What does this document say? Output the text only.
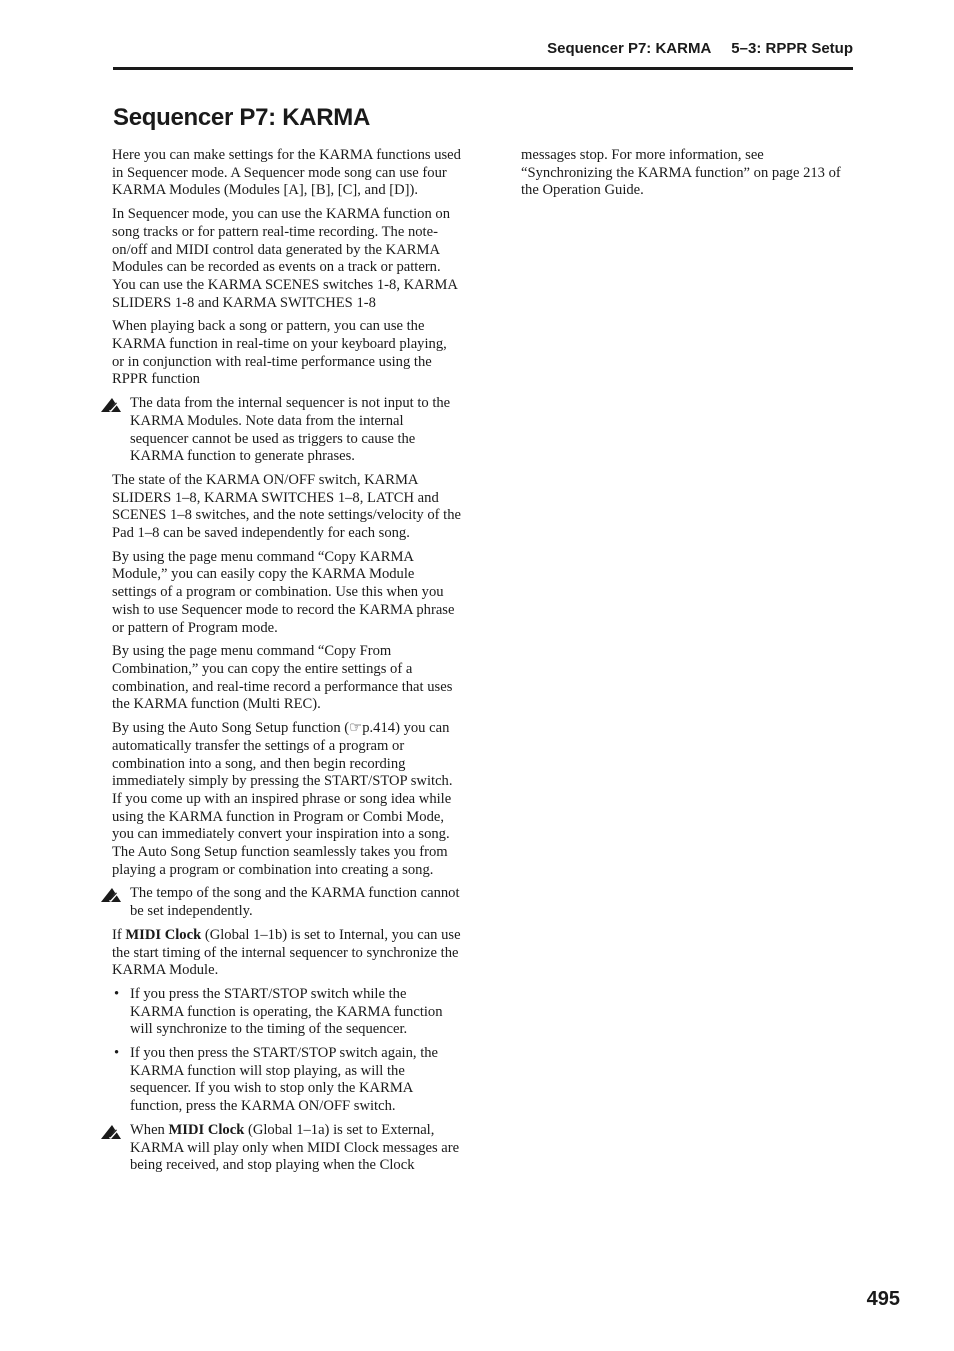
Sequencer P7: KARMA 5–3: RPPR Setup
Sequencer P7: KARMA

Here you can make settings for the KARMA functions used in Sequencer mode. A Sequencer mode song can use four KARMA Modules (Modules [A], [B], [C], and [D]).

In Sequencer mode, you can use the KARMA function on song tracks or for pattern real-time recording. The note-on/off and MIDI control data generated by the KARMA Modules can be recorded as events on a track or pattern. You can use the KARMA SCENES switches 1-8, KARMA SLIDERS 1-8 and KARMA SWITCHES 1-8

When playing back a song or pattern, you can use the KARMA function in real-time on your keyboard playing, or in conjunction with real-time performance using the RPPR function

The data from the internal sequencer is not input to the KARMA Modules. Note data from the internal sequencer cannot be used as triggers to cause the KARMA function to generate phrases.

The state of the KARMA ON/OFF switch, KARMA SLIDERS 1–8, KARMA SWITCHES 1–8, LATCH and SCENES 1–8 switches, and the note settings/velocity of the Pad 1–8 can be saved independently for each song.

By using the page menu command “Copy KARMA Module,” you can easily copy the KARMA Module settings of a program or combination. Use this when you wish to use Sequencer mode to record the KARMA phrase or pattern of Program mode.

By using the page menu command “Copy From Combination,” you can copy the entire settings of a combination, and real-time record a performance that uses the KARMA function (Multi REC).

By using the Auto Song Setup function (☞p.414) you can automatically transfer the settings of a program or combination into a song, and then begin recording immediately simply by pressing the START/STOP switch. If you come up with an inspired phrase or song idea while using the KARMA function in Program or Combi Mode, you can immediately convert your inspiration into a song. The Auto Song Setup function seamlessly takes you from playing a program or combination into creating a song.

The tempo of the song and the KARMA function cannot be set independently.

If MIDI Clock (Global 1–1b) is set to Internal, you can use the start timing of the internal sequencer to synchronize the KARMA Module.

• If you press the START/STOP switch while the KARMA function is operating, the KARMA function will synchronize to the timing of the sequencer.
• If you then press the START/STOP switch again, the KARMA function will stop playing, as will the sequencer. If you wish to stop only the KARMA function, press the KARMA ON/OFF switch.
When MIDI Clock (Global 1–1a) is set to External, KARMA will play only when MIDI Clock messages are being received, and stop playing when the Clock

messages stop. For more information, see “Synchronizing the KARMA function” on page 213 of the Operation Guide.

495
